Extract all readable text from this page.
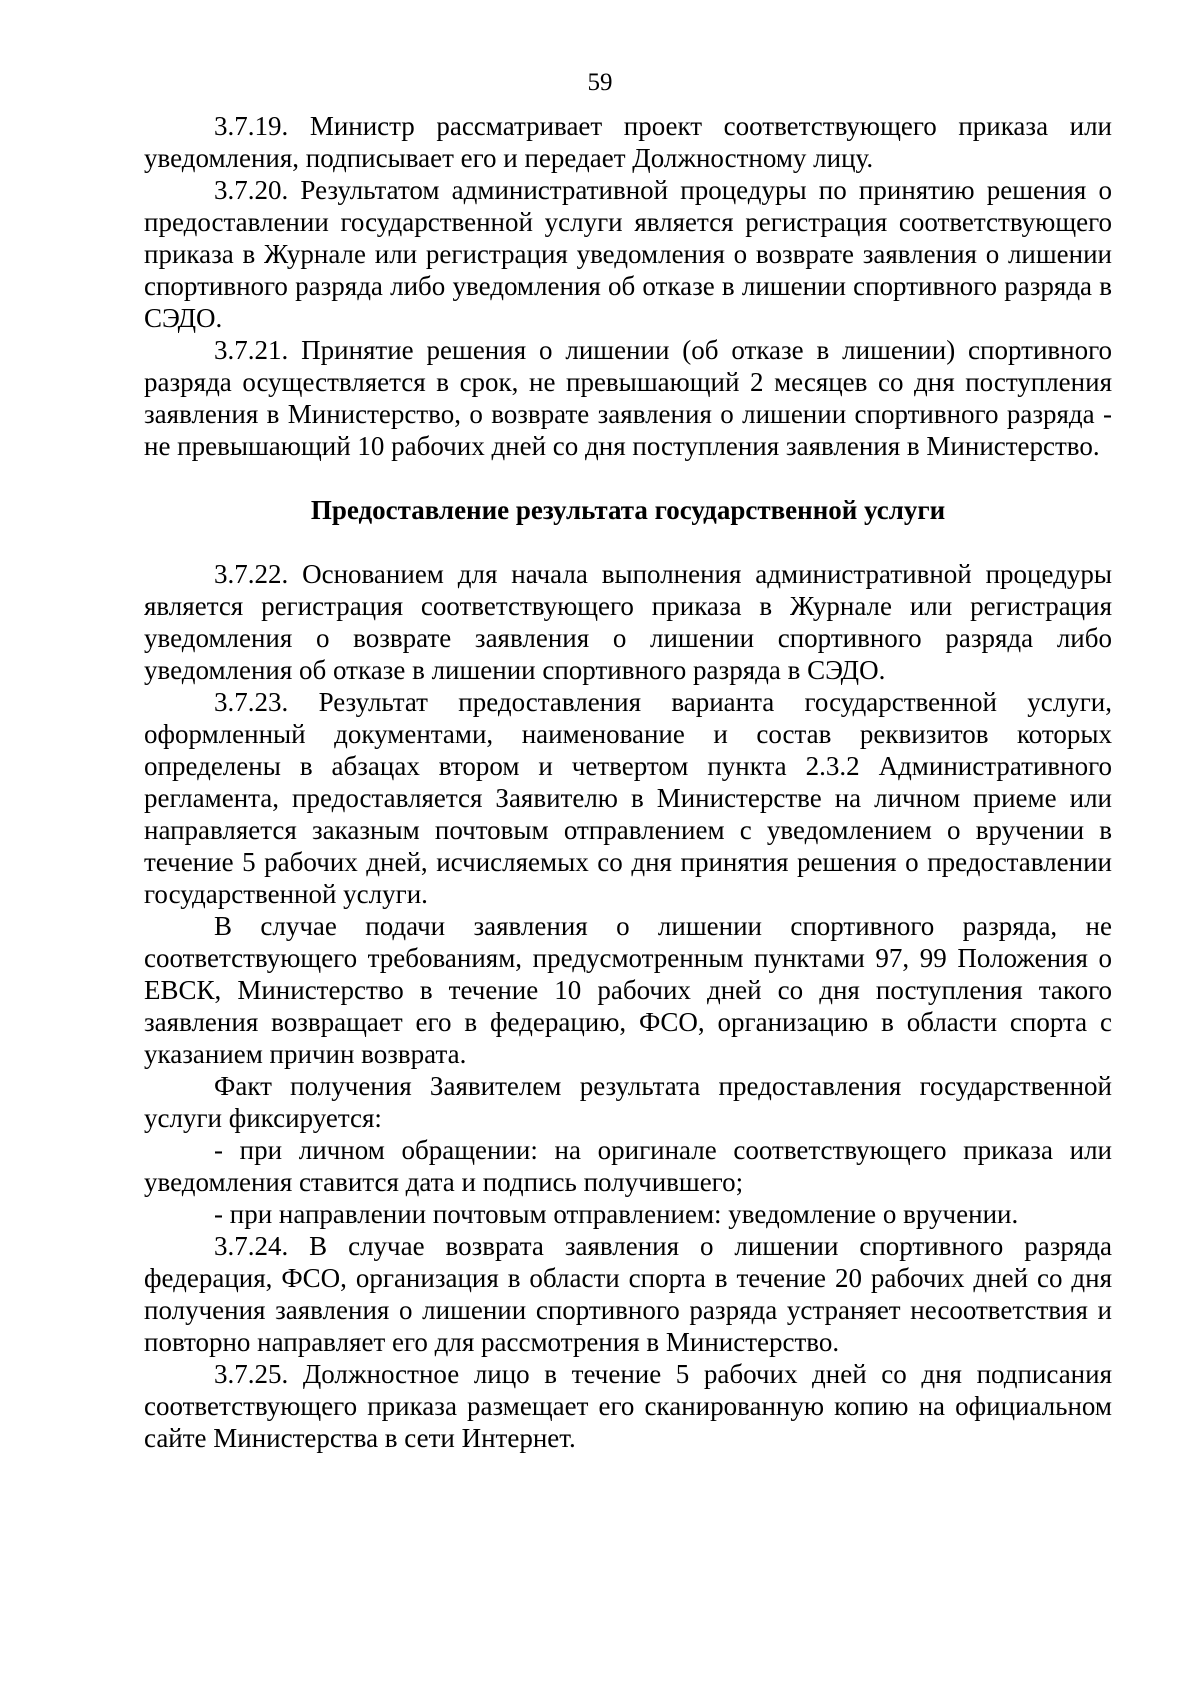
59

3.7.19. Министр рассматривает проект соответствующего приказа или уведомления, подписывает его и передает Должностному лицу.

3.7.20. Результатом административной процедуры по принятию решения о предоставлении государственной услуги является регистрация соответствующего приказа в Журнале или регистрация уведомления о возврате заявления о лишении спортивного разряда либо уведомления об отказе в лишении спортивного разряда в СЭДО.

3.7.21. Принятие решения о лишении (об отказе в лишении) спортивного разряда осуществляется в срок, не превышающий 2 месяцев со дня поступления заявления в Министерство, о возврате заявления о лишении спортивного разряда - не превышающий 10 рабочих дней со дня поступления заявления в Министерство.

Предоставление результата государственной услуги

3.7.22. Основанием для начала выполнения административной процедуры является регистрация соответствующего приказа в Журнале или регистрация уведомления о возврате заявления о лишении спортивного разряда либо уведомления об отказе в лишении спортивного разряда в СЭДО.

3.7.23. Результат предоставления варианта государственной услуги, оформленный документами, наименование и состав реквизитов которых определены в абзацах втором и четвертом пункта 2.3.2 Административного регламента, предоставляется Заявителю в Министерстве на личном приеме или направляется заказным почтовым отправлением с уведомлением о вручении в течение 5 рабочих дней, исчисляемых со дня принятия решения о предоставлении государственной услуги.

В случае подачи заявления о лишении спортивного разряда, не соответствующего требованиям, предусмотренным пунктами 97, 99 Положения о ЕВСК, Министерство в течение 10 рабочих дней со дня поступления такого заявления возвращает его в федерацию, ФСО, организацию в области спорта с указанием причин возврата.

Факт получения Заявителем результата предоставления государственной услуги фиксируется:

- при личном обращении: на оригинале соответствующего приказа или уведомления ставится дата и подпись получившего;

- при направлении почтовым отправлением: уведомление о вручении.

3.7.24. В случае возврата заявления о лишении спортивного разряда федерация, ФСО, организация в области спорта в течение 20 рабочих дней со дня получения заявления о лишении спортивного разряда устраняет несоответствия и повторно направляет его для рассмотрения в Министерство.

3.7.25. Должностное лицо в течение 5 рабочих дней со дня подписания соответствующего приказа размещает его сканированную копию на официальном сайте Министерства в сети Интернет.
